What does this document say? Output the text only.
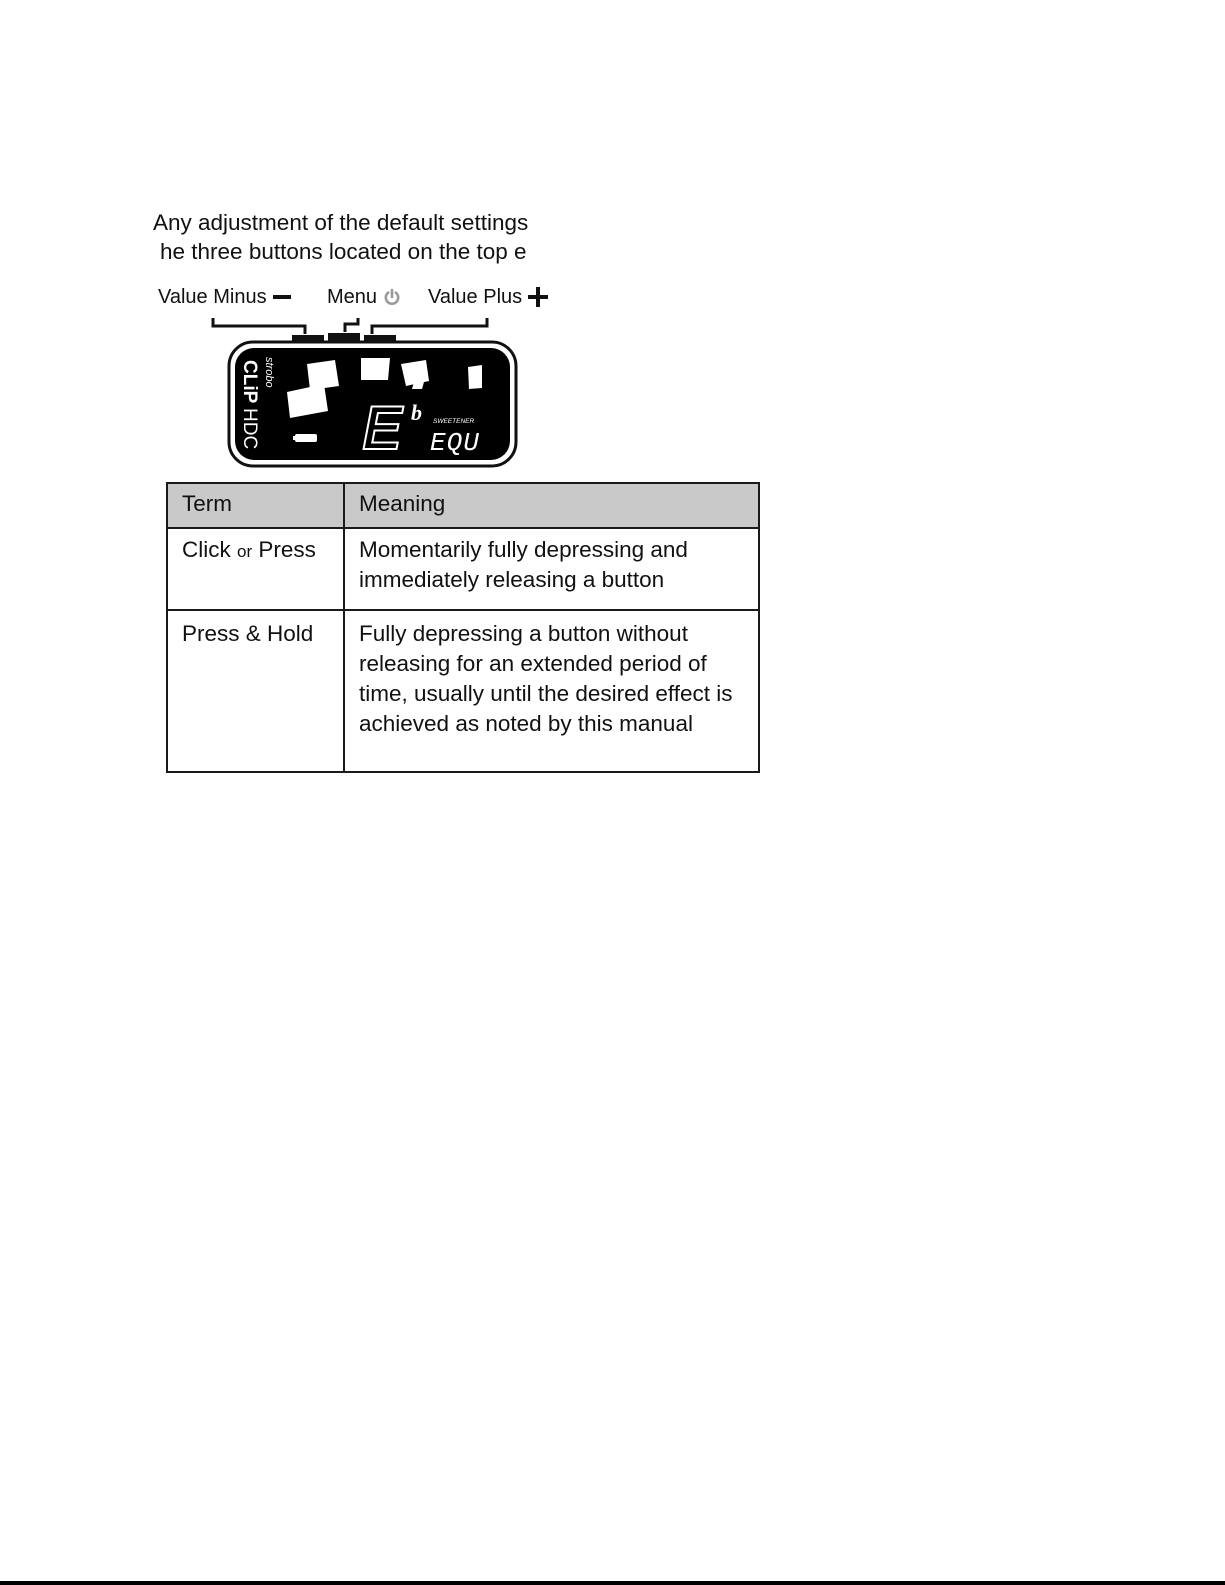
Any adjustment of the default settings
he three buttons located on the top e
Value Minus	Menu	Value Plus
strobo
CLiP
HDC E b SWEETENER
EQU
Term	Meaning
Click or Press	Momentarily fully depressing and immediately releasing a button
Press & Hold	Fully depressing a button without releasing for an extended period of time, usually until the desired effect is achieved as noted by this manual
